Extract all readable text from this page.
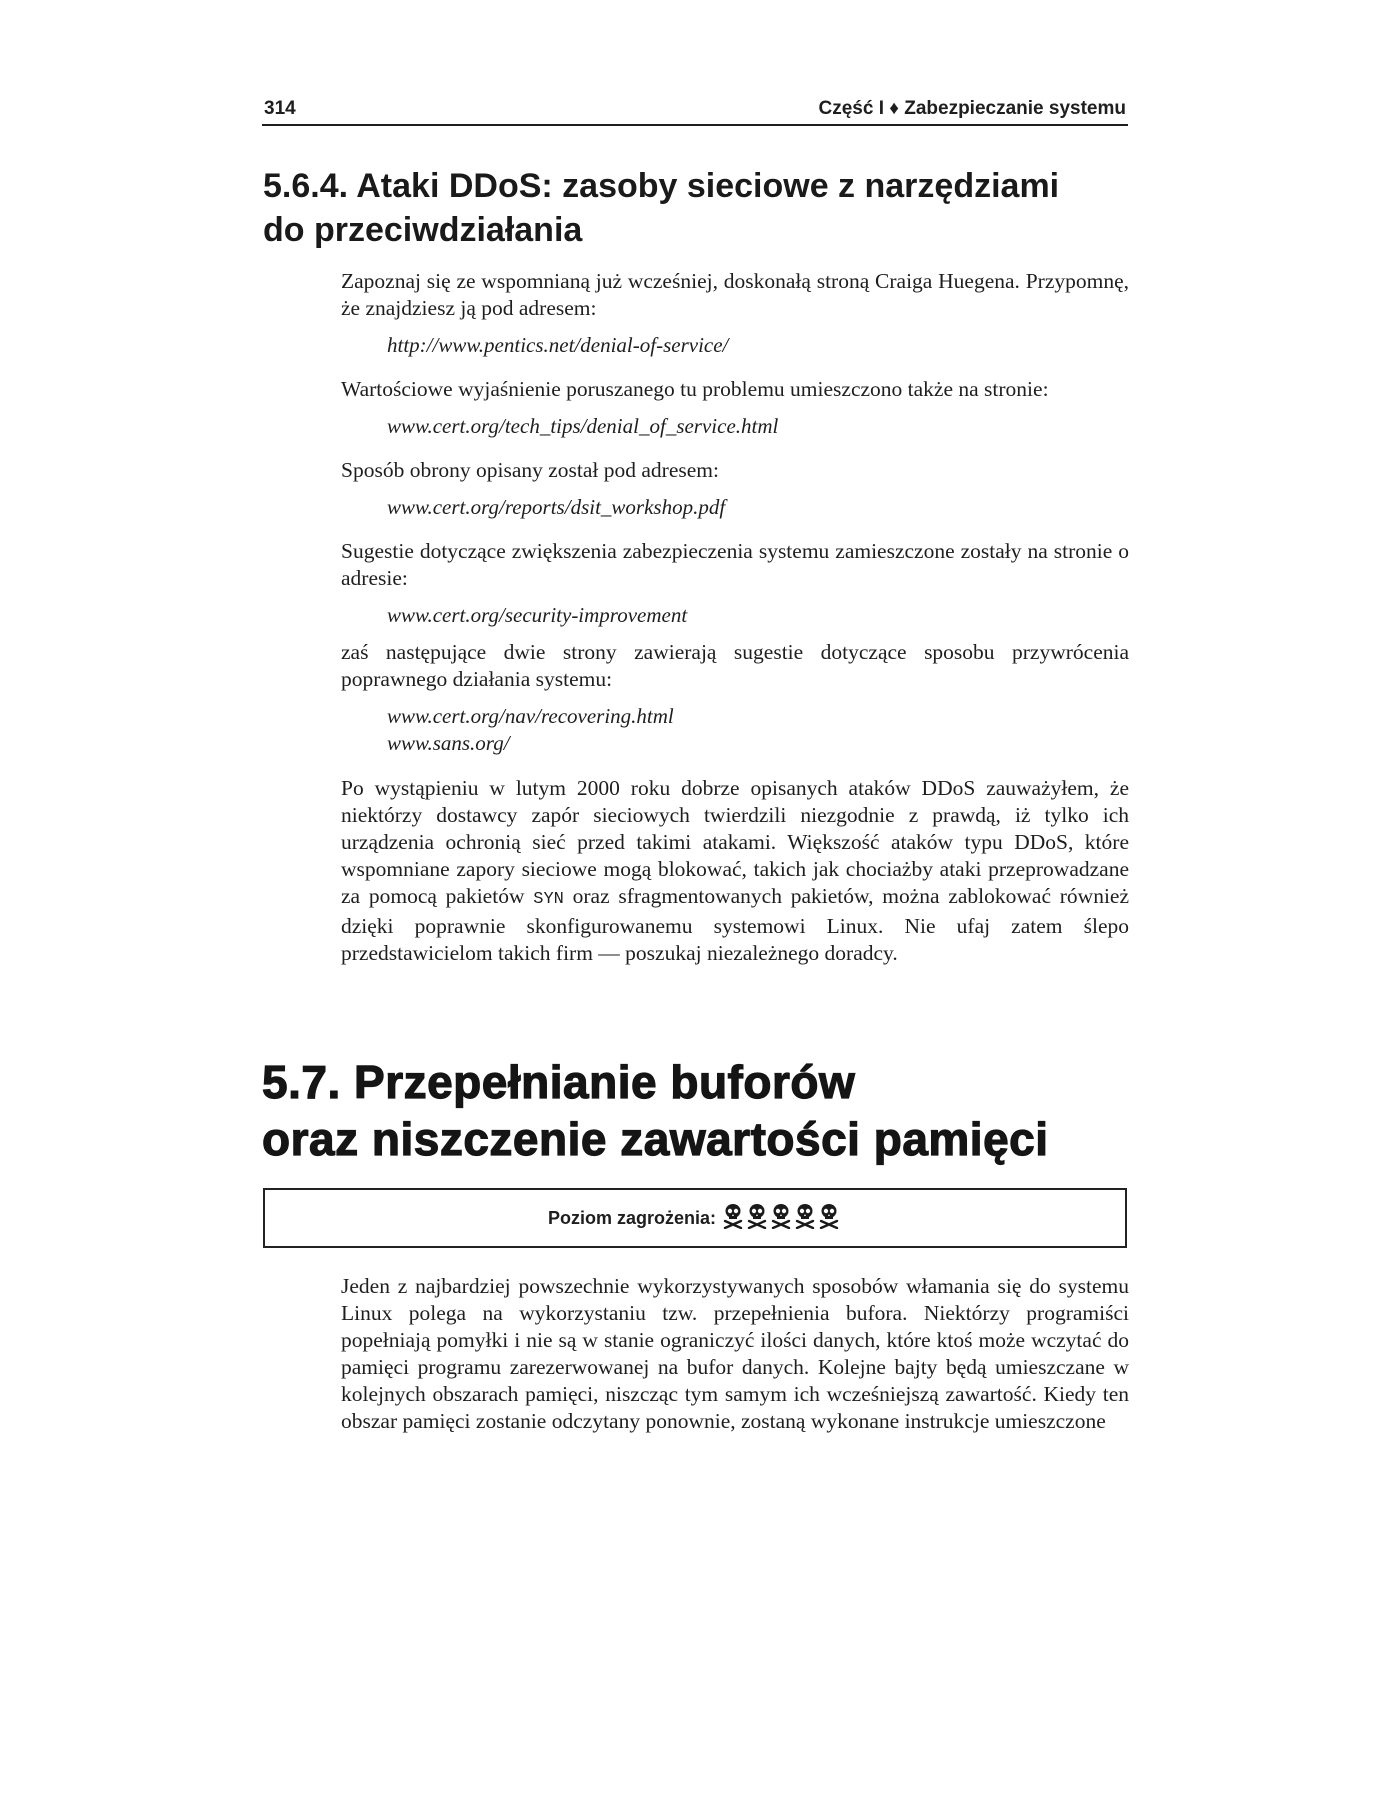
314	Część I ♦ Zabezpieczanie systemu
5.6.4. Ataki DDoS: zasoby sieciowe z narzędziami
do przeciwdziałania

Zapoznaj się ze wspomnianą już wcześniej, doskonałą stroną Craiga Huegena. Przypomnę, że znajdziesz ją pod adresem:

http://www.pentics.net/denial-of-service/

Wartościowe wyjaśnienie poruszanego tu problemu umieszczono także na stronie:

www.cert.org/tech_tips/denial_of_service.html

Sposób obrony opisany został pod adresem:

www.cert.org/reports/dsit_workshop.pdf

Sugestie dotyczące zwiększenia zabezpieczenia systemu zamieszczone zostały na stronie o adresie:

www.cert.org/security-improvement

zaś następujące dwie strony zawierają sugestie dotyczące sposobu przywrócenia poprawnego działania systemu:

www.cert.org/nav/recovering.html

www.sans.org/

Po wystąpieniu w lutym 2000 roku dobrze opisanych ataków DDoS zauważyłem, że niektórzy dostawcy zapór sieciowych twierdzili niezgodnie z prawdą, iż tylko ich urządzenia ochronią sieć przed takimi atakami. Większość ataków typu DDoS, które wspomniane zapory sieciowe mogą blokować, takich jak chociażby ataki przeprowadzane za pomocą pakietów SYN oraz sfragmentowanych pakietów, można zablokować również dzięki poprawnie skonfigurowanemu systemowi Linux. Nie ufaj zatem ślepo przedstawicielom takich firm — poszukaj niezależnego doradcy.

5.7. Przepełnianie buforów
oraz niszczenie zawartości pamięci
Poziom zagrożenia:

Jeden z najbardziej powszechnie wykorzystywanych sposobów włamania się do systemu Linux polega na wykorzystaniu tzw. przepełnienia bufora. Niektórzy programiści popełniają pomyłki i nie są w stanie ograniczyć ilości danych, które ktoś może wczytać do pamięci programu zarezerwowanej na bufor danych. Kolejne bajty będą umieszczane w kolejnych obszarach pamięci, niszcząc tym samym ich wcześniejszą zawartość. Kiedy ten obszar pamięci zostanie odczytany ponownie, zostaną wykonane instrukcje umieszczone
